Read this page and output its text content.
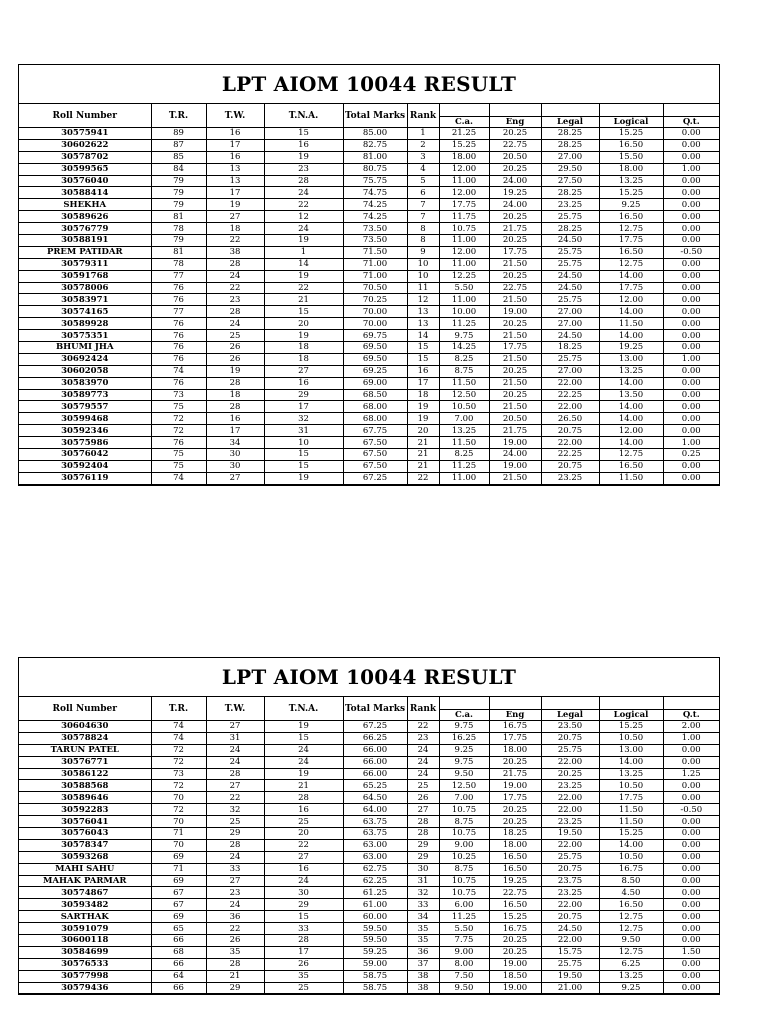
LPT AIOM 10044 RESULT
Roll Number	T.R.	T.W.	T.N.A.	Total Marks	Rank					
						C.a.	Eng	Legal	Logical	Q.t.
30575941	89	16	15	85.00	1	21.25	20.25	28.25	15.25	0.00
30602622	87	17	16	82.75	2	15.25	22.75	28.25	16.50	0.00
30578702	85	16	19	81.00	3	18.00	20.50	27.00	15.50	0.00
30599565	84	13	23	80.75	4	12.00	20.25	29.50	18.00	1.00
30576040	79	13	28	75.75	5	11.00	24.00	27.50	13.25	0.00
30588414	79	17	24	74.75	6	12.00	19.25	28.25	15.25	0.00
SHEKHA	79	19	22	74.25	7	17.75	24.00	23.25	9.25	0.00
30589626	81	27	12	74.25	7	11.75	20.25	25.75	16.50	0.00
30576779	78	18	24	73.50	8	10.75	21.75	28.25	12.75	0.00
30588191	79	22	19	73.50	8	11.00	20.25	24.50	17.75	0.00
PREM PATIDAR	81	38	1	71.50	9	12.00	17.75	25.75	16.50	-0.50
30579311	78	28	14	71.00	10	11.00	21.50	25.75	12.75	0.00
30591768	77	24	19	71.00	10	12.25	20.25	24.50	14.00	0.00
30578006	76	22	22	70.50	11	5.50	22.75	24.50	17.75	0.00
30583971	76	23	21	70.25	12	11.00	21.50	25.75	12.00	0.00
30574165	77	28	15	70.00	13	10.00	19.00	27.00	14.00	0.00
30589928	76	24	20	70.00	13	11.25	20.25	27.00	11.50	0.00
30575351	76	25	19	69.75	14	9.75	21.50	24.50	14.00	0.00
BHUMI JHA	76	26	18	69.50	15	14.25	17.75	18.25	19.25	0.00
30692424	76	26	18	69.50	15	8.25	21.50	25.75	13.00	1.00
30602058	74	19	27	69.25	16	8.75	20.25	27.00	13.25	0.00
30583970	76	28	16	69.00	17	11.50	21.50	22.00	14.00	0.00
30589773	73	18	29	68.50	18	12.50	20.25	22.25	13.50	0.00
30579557	75	28	17	68.00	19	10.50	21.50	22.00	14.00	0.00
30599468	72	16	32	68.00	19	7.00	20.50	26.50	14.00	0.00
30592346	72	17	31	67.75	20	13.25	21.75	20.75	12.00	0.00
30575986	76	34	10	67.50	21	11.50	19.00	22.00	14.00	1.00
30576042	75	30	15	67.50	21	8.25	24.00	22.25	12.75	0.25
30592404	75	30	15	67.50	21	11.25	19.00	20.75	16.50	0.00
30576119	74	27	19	67.25	22	11.00	21.50	23.25	11.50	0.00
LPT AIOM 10044 RESULT
Roll Number	T.R.	T.W.	T.N.A.	Total Marks	Rank					
						C.a.	Eng	Legal	Logical	Q.t.
30604630	74	27	19	67.25	22	9.75	16.75	23.50	15.25	2.00
30578824	74	31	15	66.25	23	16.25	17.75	20.75	10.50	1.00
TARUN PATEL	72	24	24	66.00	24	9.25	18.00	25.75	13.00	0.00
30576771	72	24	24	66.00	24	9.75	20.25	22.00	14.00	0.00
30586122	73	28	19	66.00	24	9.50	21.75	20.25	13.25	1.25
30588568	72	27	21	65.25	25	12.50	19.00	23.25	10.50	0.00
30589646	70	22	28	64.50	26	7.00	17.75	22.00	17.75	0.00
30592283	72	32	16	64.00	27	10.75	20.25	22.00	11.50	-0.50
30576041	70	25	25	63.75	28	8.75	20.25	23.25	11.50	0.00
30576043	71	29	20	63.75	28	10.75	18.25	19.50	15.25	0.00
30578347	70	28	22	63.00	29	9.00	18.00	22.00	14.00	0.00
30593268	69	24	27	63.00	29	10.25	16.50	25.75	10.50	0.00
MAHI SAHU	71	33	16	62.75	30	8.75	16.50	20.75	16.75	0.00
MAHAK PARMAR	69	27	24	62.25	31	10.75	19.25	23.75	8.50	0.00
30574867	67	23	30	61.25	32	10.75	22.75	23.25	4.50	0.00
30593482	67	24	29	61.00	33	6.00	16.50	22.00	16.50	0.00
SARTHAK	69	36	15	60.00	34	11.25	15.25	20.75	12.75	0.00
30591079	65	22	33	59.50	35	5.50	16.75	24.50	12.75	0.00
30600118	66	26	28	59.50	35	7.75	20.25	22.00	9.50	0.00
30584699	68	35	17	59.25	36	9.00	20.25	15.75	12.75	1.50
30576533	66	28	26	59.00	37	8.00	19.00	25.75	6.25	0.00
30577998	64	21	35	58.75	38	7.50	18.50	19.50	13.25	0.00
30579436	66	29	25	58.75	38	9.50	19.00	21.00	9.25	0.00
